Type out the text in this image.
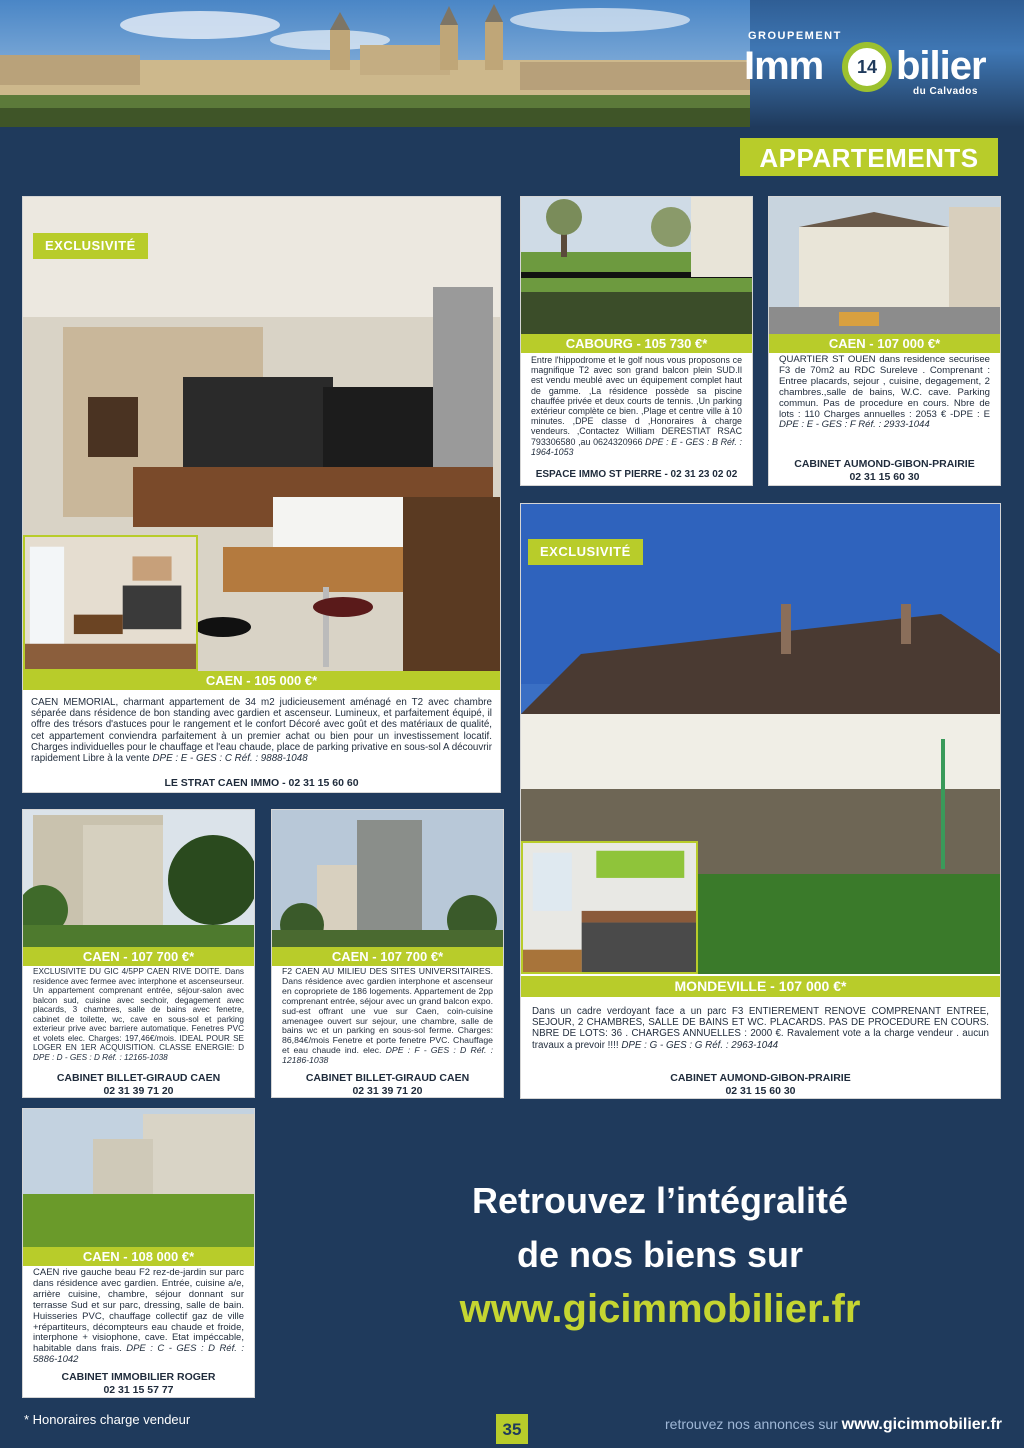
GROUPEMENT
Imm	14 bilier
du Calvados
APPARTEMENTS
EXCLUSIVITÉ
CAEN - 105 000 €*
CAEN MEMORIAL, charmant appartement de 34 m2 judicieusement aménagé en T2 avec chambre séparée dans résidence de bon standing avec gardien et ascenseur. Lumineux, et parfaitement équipé, il offre des trésors d'astuces pour le rangement et le confort Décoré avec goût et des matériaux de qualité, cet appartement conviendra parfaitement à un premier achat ou bien pour un investissement locatif. Charges individuelles pour le chauffage et l'eau chaude, place de parking privative en sous-sol A découvrir rapidement Libre à la vente DPE : E - GES : C Réf. : 9888-1048
LE STRAT CAEN IMMO - 02 31 15 60 60
CABOURG - 105 730 €*
Entre l'hippodrome et le golf nous vous proposons ce magnifique T2 avec son grand balcon plein SUD.Il est vendu meublé avec un équipement complet haut de gamme. ,La résidence possède sa piscine chauffée privée et deux courts de tennis. ,Un parking extérieur complète ce bien. ,Plage et centre ville à 10 minutes. ,DPE classe d ,Honoraires à charge vendeurs. ,Contactez William DERESTIAT RSAC 793306580 ,au 0624320966 DPE : E - GES : B Réf. : 1964-1053
ESPACE IMMO ST PIERRE - 02 31 23 02 02
CAEN - 107 000 €*
QUARTIER ST OUEN dans residence securisee F3 de 70m2 au RDC Sureleve . Comprenant : Entree placards, sejour , cuisine, degagement, 2 chambres.,salle de bains, W.C. cave. Parking commun. Pas de procedure en cours. Nbre de lots : 110 Charges annuelles : 2053 € -DPE : E DPE : E - GES : F Réf. : 2933-1044
CABINET AUMOND-GIBON-PRAIRIE
02 31 15 60 30
EXCLUSIVITÉ
MONDEVILLE - 107 000 €*
Dans un cadre verdoyant face a un parc F3 ENTIEREMENT RENOVE COMPRENANT ENTREE, SEJOUR, 2 CHAMBRES, SALLE DE BAINS ET WC. PLACARDS. PAS DE PROCEDURE EN COURS. NBRE DE LOTS: 36 . CHARGES ANNUELLES : 2000 €. Ravalement vote a la charge vendeur . aucun travaux a prevoir !!!! DPE : G - GES : G Réf. : 2963-1044
CABINET AUMOND-GIBON-PRAIRIE
02 31 15 60 30
CAEN - 107 700 €*
EXCLUSIVITE DU GIC 4/5PP CAEN RIVE DOITE. Dans residence avec fermee avec interphone et ascenseurseur. Un appartement comprenant entrée, séjour-salon avec balcon sud, cuisine avec sechoir, degagement avec placards, 3 chambres, salle de bains avec fenetre, cabinet de toilette, wc, cave en sous-sol et parking exterieur prive avec barriere automatique. Fenetres PVC et volets elec. Charges: 197,46€/mois. IDEAL POUR SE LOGER EN 1ER ACQUISITION. CLASSE ENERGIE: D DPE : D - GES : D Réf. : 12165-1038
CABINET BILLET-GIRAUD CAEN
02 31 39 71 20
CAEN - 107 700 €*
F2 CAEN AU MILIEU DES SITES UNIVERSITAIRES. Dans résidence avec gardien interphone et ascenseur en copropriete de 186 logements. Appartement de 2pp comprenant entrée, séjour avec un grand balcon expo. sud-est offrant une vue sur Caen, coin-cuisine amenagee ouvert sur sejour, une chambre, salle de bains wc et un parking en sous-sol ferme. Charges: 86,84€/mois Fenetre et porte fenetre PVC. Chauffage et eau chaude ind. elec. DPE : F - GES : D Réf. : 12186-1038
CABINET BILLET-GIRAUD CAEN
02 31 39 71 20
CAEN - 108 000 €*
CAEN rive gauche beau F2 rez-de-jardin sur parc dans résidence avec gardien. Entrée, cuisine a/e, arrière cuisine, chambre, séjour donnant sur terrasse Sud et sur parc, dressing, salle de bain. Huisseries PVC, chauffage collectif gaz de ville +répartiteurs, décompteurs eau chaude et froide, interphone + visiophone, cave. Etat impéccable, habitable dans frais. DPE : C - GES : D Réf. : 5886-1042
CABINET IMMOBILIER ROGER
02 31 15 57 77
Retrouvez l’intégralité
de nos biens sur
www.gicimmobilier.fr
* Honoraires charge vendeur
35	retrouvez nos annonces sur www.gicimmobilier.fr
